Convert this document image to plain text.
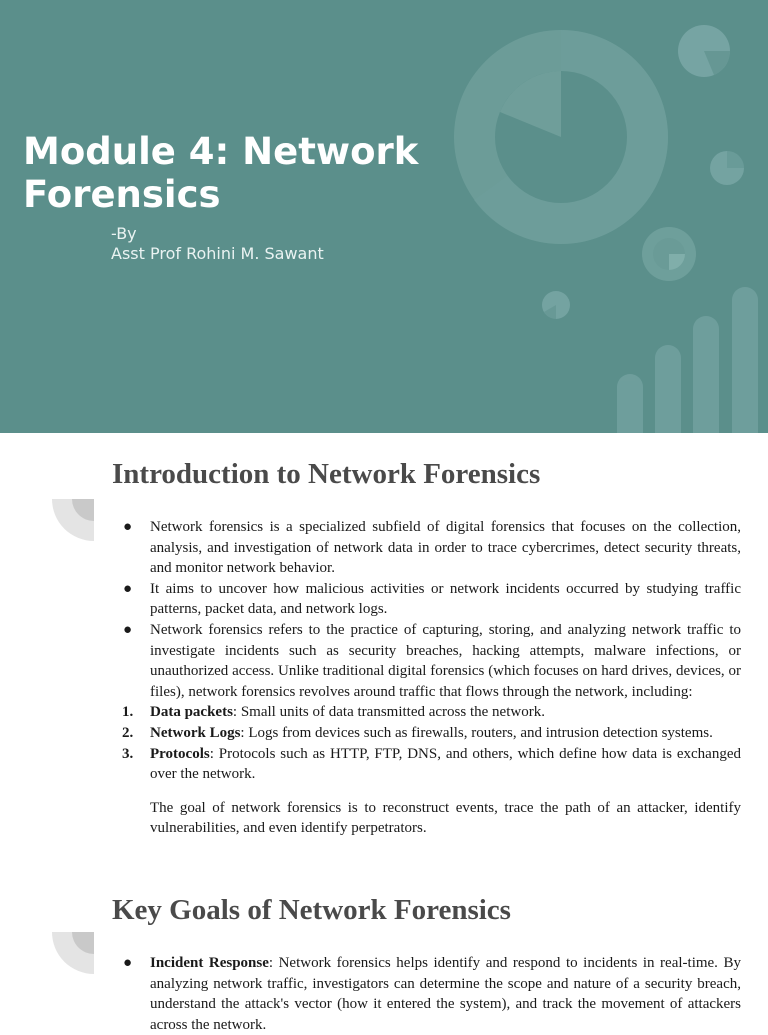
Module 4: Network
Forensics
-By
Asst Prof Rohini M. Sawant
Introduction to Network Forensics
● Network forensics is a specialized subfield of digital forensics that focuses on the collection, analysis, and investigation of network data in order to trace cybercrimes, detect security threats, and monitor network behavior.
● It aims to uncover how malicious activities or network incidents occurred by studying traffic patterns, packet data, and network logs.
● Network forensics refers to the practice of capturing, storing, and analyzing network traffic to investigate incidents such as security breaches, hacking attempts, malware infections, or unauthorized access. Unlike traditional digital forensics (which focuses on hard drives, devices, or files), network forensics revolves around traffic that flows through the network, including:
1. Data packets: Small units of data transmitted across the network.
2. Network Logs: Logs from devices such as firewalls, routers, and intrusion detection systems.
3. Protocols: Protocols such as HTTP, FTP, DNS, and others, which define how data is exchanged over the network.

The goal of network forensics is to reconstruct events, trace the path of an attacker, identify vulnerabilities, and even identify perpetrators.

Key Goals of Network Forensics
● Incident Response: Network forensics helps identify and respond to incidents in real-time. By analyzing network traffic, investigators can determine the scope and nature of a security breach, understand the attack's vector (how it entered the system), and track the movement of attackers across the network.
